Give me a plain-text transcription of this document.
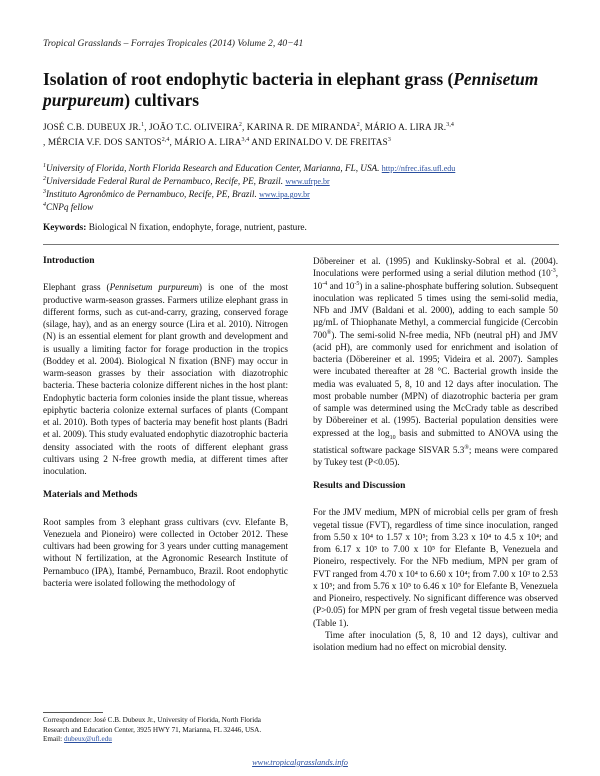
Tropical Grasslands – Forrajes Tropicales (2014) Volume 2, 40−41
Isolation of root endophytic bacteria in elephant grass (Pennisetum purpureum) cultivars
JOSÉ C.B. DUBEUX JR.$^1$, JOÃO T.C. OLIVEIRA$^2$, KARINA R. DE MIRANDA$^2$, MÁRIO A. LIRA JR.$^{3,4}$
, MÉRCIA V.F. DOS SANTOS$^{2,4}$, MÁRIO A. LIRA$^{3,4}$ AND ERINALDO V. DE FREITAS$^3$
$^1$University of Florida, North Florida Research and Education Center, Marianna, FL, USA. http://nfrec.ifas.ufl.edu
$^2$Universidade Federal Rural de Pernambuco, Recife, PE, Brazil. www.ufrpe.br
$^3$Instituto Agronômico de Pernambuco, Recife, PE, Brazil. www.ipa.gov.br
$^4$CNPq fellow
Keywords: Biological N fixation, endophyte, forage, nutrient, pasture.
Introduction

Elephant grass (Pennisetum purpureum) is one of the most productive warm-season grasses. Farmers utilize elephant grass in different forms, such as cut-and-carry, grazing, conserved forage (silage, hay), and as an energy source (Lira et al. 2010). Nitrogen (N) is an essential element for plant growth and development and is usually a limiting factor for forage production in the tropics (Boddey et al. 2004). Biological N fixation (BNF) may occur in warm-season grasses by their association with diazotrophic bacteria. These bacteria colonize different niches in the host plant: Endophytic bacteria form colonies inside the plant tissue, whereas epiphytic bacteria colonize external surfaces of plants (Compant et al. 2010). Both types of bacteria may benefit host plants (Badri et al. 2009). This study evaluated endophytic diazotrophic bacteria density associated with the roots of different elephant grass cultivars using 2 N-free growth media, at different times after inoculation.

Materials and Methods

Root samples from 3 elephant grass cultivars (cvv. Elefante B, Venezuela and Pioneiro) were collected in October 2012. These cultivars had been growing for 3 years under cutting management without N fertilization, at the Agronomic Research Institute of Pernambuco (IPA), Itambé, Pernambuco, Brazil. Root endophytic bacteria were isolated following the methodology of

Döbereiner et al. (1995) and Kuklinsky-Sobral et al. (2004). Inoculations were performed using a serial dilution method ($10^{-3}$, $10^{-4}$ and $10^{-5}$) in a saline-phosphate buffering solution. Subsequent inoculation was replicated 5 times using the semi-solid media, NFb and JMV (Baldani et al. 2000), adding to each sample 50 µg/mL of Thiophanate Methyl, a commercial fungicide (Cercobin 700®). The semi-solid N-free media, NFb (neutral pH) and JMV (acid pH), are commonly used for enrichment and isolation of bacteria (Döbereiner et al. 1995; Videira et al. 2007). Samples were incubated thereafter at 28 °C. Bacterial growth inside the media was evaluated 5, 8, 10 and 12 days after inoculation. The most probable number (MPN) of diazotrophic bacteria per gram of sample was determined using the McCrady table as described by Döbereiner et al. (1995). Bacterial population densities were expressed at the $\log_{10}$ basis and submitted to ANOVA using the statistical software package SISVAR 5.3®; means were compared by Tukey test (P<0.05).

Results and Discussion

For the JMV medium, MPN of microbial cells per gram of fresh vegetal tissue (FVT), regardless of time since inoculation, ranged from 5.50 x 10⁴ to 1.57 x 10⁵; from 3.23 x 10⁴ to 4.5 x 10⁴; and from 6.17 x 10⁵ to 7.00 x 10⁵ for Elefante B, Venezuela and Pioneiro, respectively. For the NFb medium, MPN per gram of FVT ranged from 4.70 x 10⁴ to 6.60 x 10⁴; from 7.00 x 10³ to 2.53 x 10⁵; and from 5.76 x 10⁵ to 6.46 x 10⁵ for Elefante B, Venezuela and Pioneiro, respectively. No significant difference was observed (P>0.05) for MPN per gram of fresh vegetal tissue between media (Table 1).

Time after inoculation (5, 8, 10 and 12 days), cultivar and isolation medium had no effect on microbial density.

Correspondence: José C.B. Dubeux Jr., University of Florida, North Florida Research and Education Center, 3925 HWY 71, Marianna, FL 32446, USA.
Email: dubeux@ufl.edu
www.tropicalgrasslands.info
